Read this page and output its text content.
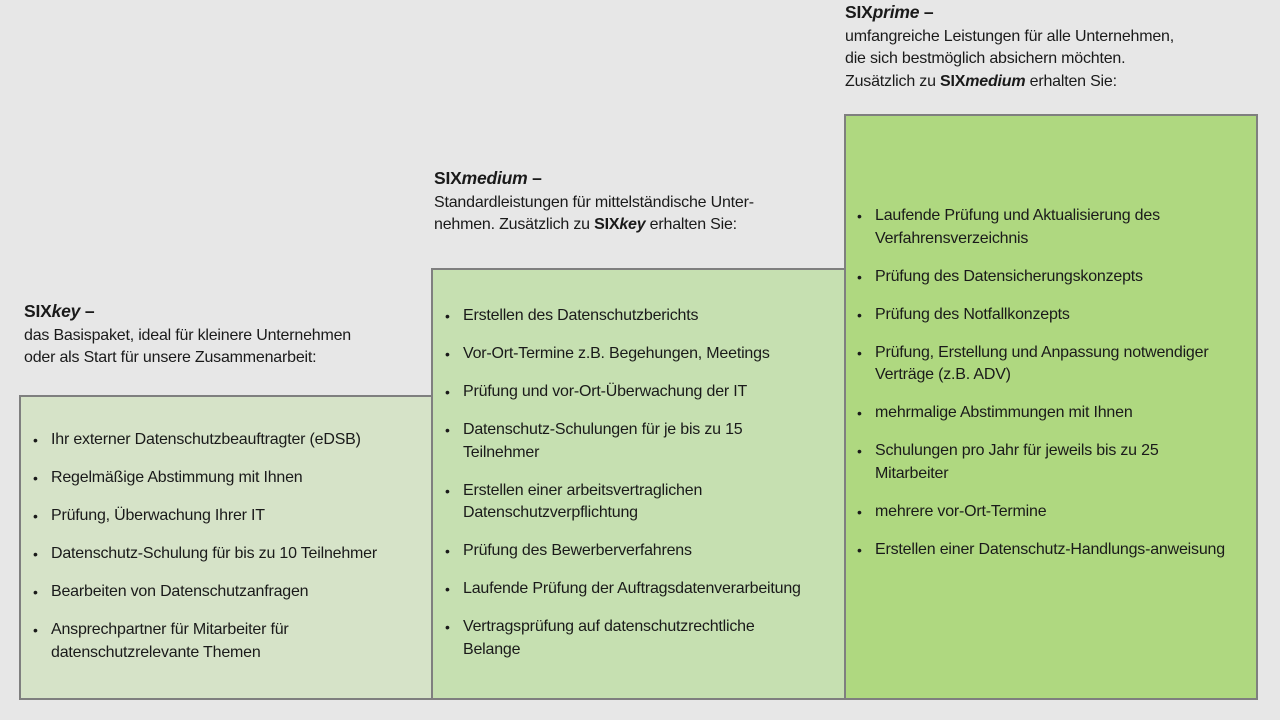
SIXkey –
das Basispaket, ideal für kleinere Unternehmen oder als Start für unsere Zusammenarbeit:
SIXmedium –
Standardleistungen für mittelständische Unter-
nehmen. Zusätzlich zu SIXkey erhalten Sie:
SIXprime –
umfangreiche Leistungen für alle Unternehmen,
die sich bestmöglich absichern möchten.
Zusätzlich zu SIXmedium erhalten Sie:
• Ihr externer Datenschutzbeauftragter (eDSB)
• Regelmäßige Abstimmung mit Ihnen
• Prüfung, Überwachung Ihrer IT
• Datenschutz-Schulung für bis zu 10 Teilnehmer
• Bearbeiten von Datenschutzanfragen
• Ansprechpartner für Mitarbeiter für datenschutzrelevante Themen
• Erstellen des Datenschutzberichts
• Vor-Ort-Termine z.B. Begehungen, Meetings
• Prüfung und vor-Ort-Überwachung der IT
• Datenschutz-Schulungen für je bis zu 15 Teilnehmer
• Erstellen einer arbeitsvertraglichen Datenschutzverpflichtung
• Prüfung des Bewerberverfahrens
• Laufende Prüfung der Auftragsdatenverarbeitung
• Vertragsprüfung auf datenschutzrechtliche Belange
• Laufende Prüfung und Aktualisierung des Verfahrensverzeichnis
• Prüfung des Datensicherungskonzepts
• Prüfung des Notfallkonzepts
• Prüfung, Erstellung und Anpassung notwendiger Verträge (z.B. ADV)
• mehrmalige Abstimmungen mit Ihnen
• Schulungen pro Jahr für jeweils bis zu 25 Mitarbeiter
• mehrere vor-Ort-Termine
• Erstellen einer Datenschutz-Handlungs-anweisung
